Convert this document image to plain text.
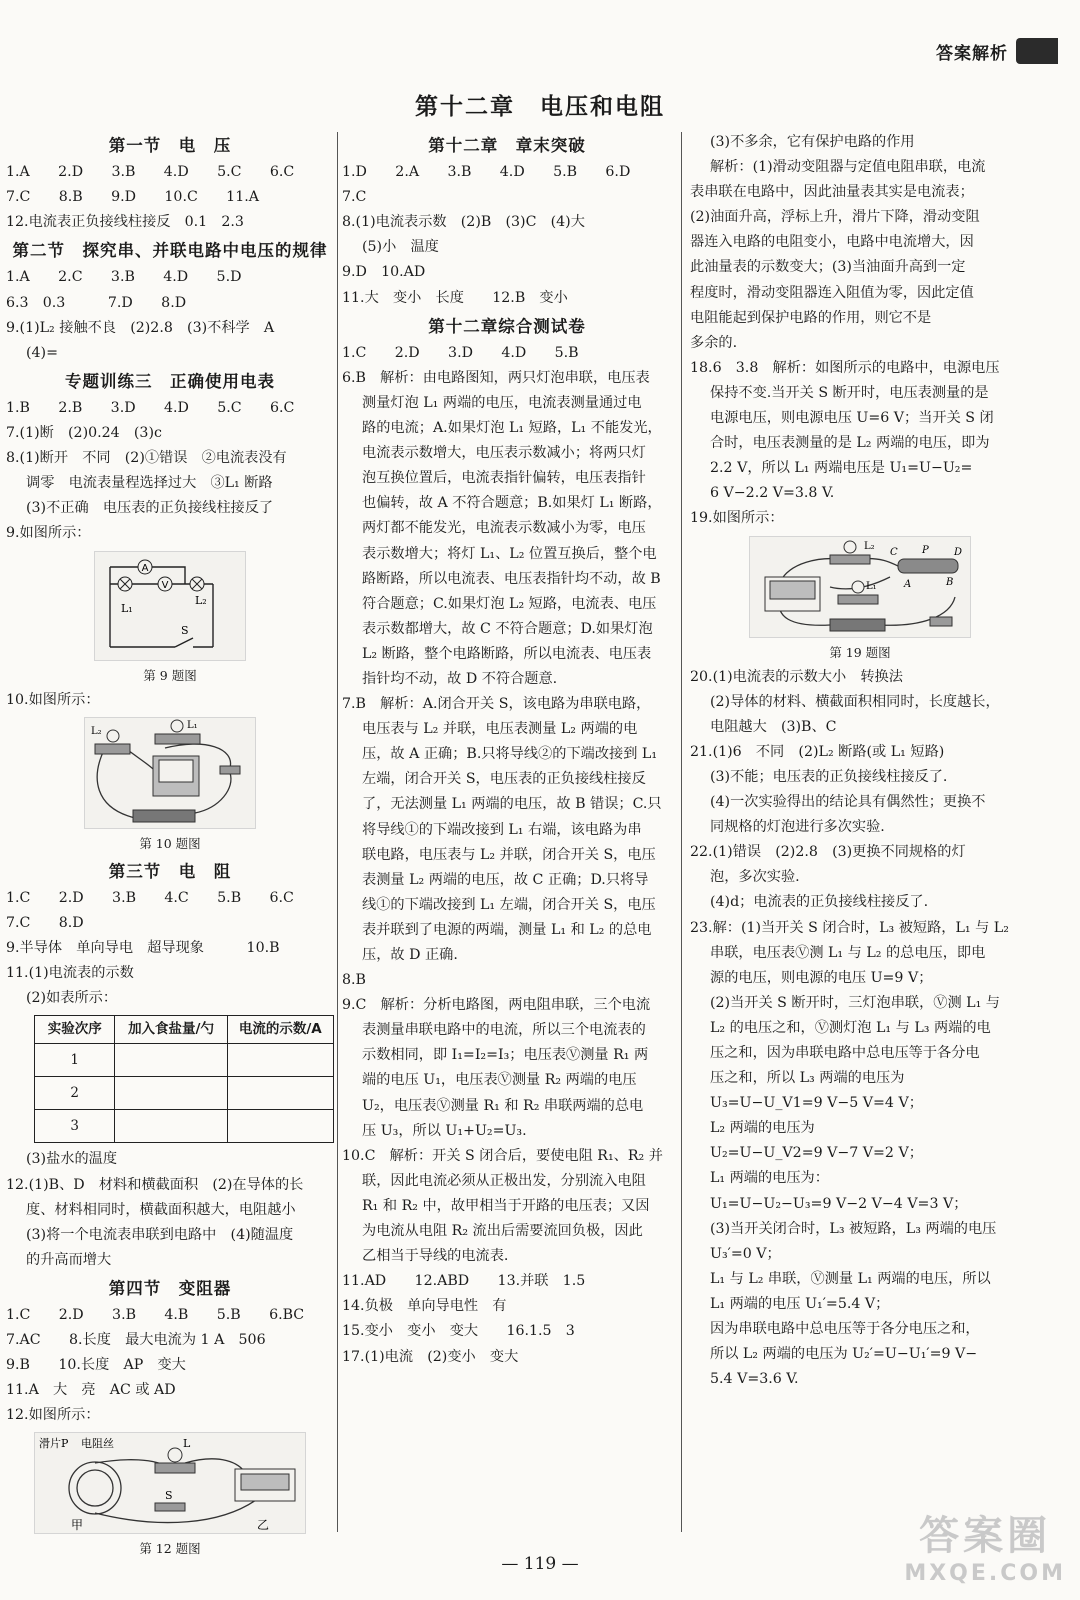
答案解析
第十二章　电压和电阻
第一节　电　压
1.A　　2.D　　3.B　　4.D　　5.C　　6.C
7.C　　8.B　　9.D　　10.C　　11.A
12.电流表正负接线柱接反　0.1　2.3
第二节　探究串、并联电路中电压的规律
1.A　　2.C　　3.B　　4.D　　5.D
6.3　0.3　　　7.D　　8.D
9.(1)L₂ 接触不良　(2)2.8　(3)不科学　A
(4)=
专题训练三　正确使用电表
1.B　　2.B　　3.D　　4.D　　5.C　　6.C
7.(1)断　(2)0.24　(3)c
8.(1)断开　不同　(2)①错误　②电流表没有
调零　电流表量程选择过大　③L₁ 断路
(3)不正确　电压表的正负接线柱接反了
9.如图所示：
A
V
L₁
L₂
S
第 9 题图
10.如图所示：
L₂
L₁
第 10 题图
第三节　电　阻
1.C　　2.D　　3.B　　4.C　　5.B　　6.C
7.C　　8.D
9.半导体　单向导电　超导现象　　　10.B
11.(1)电流表的示数
(2)如表所示：
实验次序	加入食盐量/勺	电流的示数/A
1		
2		
3		
(3)盐水的温度
12.(1)B、D　材料和横截面积　(2)在导体的长
度、材料相同时，横截面积越大，电阻越小
(3)将一个电流表串联到电路中　(4)随温度
的升高而增大
第四节　变阻器
1.C　　2.D　　3.B　　4.B　　5.B　　6.BC
7.AC　　8.长度　最大电流为 1 A　506
9.B　　10.长度　AP　变大
11.A　大　亮　AC 或 AD
12.如图所示：
滑片P 电阻丝	L
S
甲	乙
第 12 题图
第十二章　章末突破
1.D　　2.A　　3.B　　4.D　　5.B　　6.D
7.C
8.(1)电流表示数　(2)B　(3)C　(4)大
(5)小　温度
9.D　10.AD
11.大　变小　长度　　12.B　变小
第十二章综合测试卷
1.C　　2.D　　3.D　　4.D　　5.B
6.B　解析：由电路图知，两只灯泡串联，电压表
测量灯泡 L₁ 两端的电压，电流表测量通过电
路的电流；A.如果灯泡 L₁ 短路，L₁ 不能发光，
电流表示数增大，电压表示数减小；将两只灯
泡互换位置后，电流表指针偏转，电压表指针
也偏转，故 A 不符合题意；B.如果灯 L₁ 断路，
两灯都不能发光，电流表示数减小为零，电压
表示数增大；将灯 L₁、L₂ 位置互换后，整个电
路断路，所以电流表、电压表指针均不动，故 B
符合题意；C.如果灯泡 L₂ 短路，电流表、电压
表示数都增大，故 C 不符合题意；D.如果灯泡
L₂ 断路，整个电路断路，所以电流表、电压表
指针均不动，故 D 不符合题意.
7.B　解析：A.闭合开关 S，该电路为串联电路，
电压表与 L₂ 并联，电压表测量 L₂ 两端的电
压，故 A 正确；B.只将导线②的下端改接到 L₁
左端，闭合开关 S，电压表的正负接线柱接反
了，无法测量 L₁ 两端的电压，故 B 错误；C.只
将导线①的下端改接到 L₁ 右端，该电路为串
联电路，电压表与 L₂ 并联，闭合开关 S，电压
表测量 L₂ 两端的电压，故 C 正确；D.只将导
线①的下端改接到 L₁ 左端，闭合开关 S，电压
表并联到了电源的两端，测量 L₁ 和 L₂ 的总电
压，故 D 正确.
8.B
9.C　解析：分析电路图，两电阻串联，三个电流
表测量串联电路中的电流，所以三个电流表的
示数相同，即 I₁=I₂=I₃；电压表Ⓥ测量 R₁ 两
端的电压 U₁，电压表Ⓥ测量 R₂ 两端的电压
U₂，电压表Ⓥ测量 R₁ 和 R₂ 串联两端的总电
压 U₃，所以 U₁+U₂=U₃.
10.C　解析：开关 S 闭合后，要使电阻 R₁、R₂ 并
联，因此电流必须从正极出发，分别流入电阻
R₁ 和 R₂ 中，故甲相当于开路的电压表；又因
为电流从电阻 R₂ 流出后需要流回负极，因此
乙相当于导线的电流表.
11.AD　　12.ABD　　13.并联　1.5
14.负极　单向导电性　有
15.变小　变小　变大　　16.1.5　3
17.(1)电流　(2)变小　变大
(3)不多余，它有保护电路的作用
解析：(1)滑动变阻器与定值电阻串联，电流
表串联在电路中，因此油量表其实是电流表；
(2)油面升高，浮标上升，滑片下降，滑动变阻
器连入电路的电阻变小，电路中电流增大，因
此油量表的示数变大；(3)当油面升高到一定
程度时，滑动变阻器连入阻值为零，因此定值
电阻能起到保护电路的作用，则它不是
多余的.
18.6　3.8　解析：如图所示的电路中，电源电压
保持不变.当开关 S 断开时，电压表测量的是
电源电压，则电源电压 U=6 V；当开关 S 闭
合时，电压表测量的是 L₂ 两端的电压，即为
2.2 V，所以 L₁ 两端电压是 U₁=U−U₂=
6 V−2.2 V=3.8 V.
19.如图所示：
L₂
L₁
C P	D
A	B
第 19 题图
20.(1)电流表的示数大小　转换法
(2)导体的材料、横截面积相同时，长度越长，
电阻越大　(3)B、C
21.(1)6　不同　(2)L₂ 断路(或 L₁ 短路)
(3)不能；电压表的正负接线柱接反了.
(4)一次实验得出的结论具有偶然性；更换不
同规格的灯泡进行多次实验.
22.(1)错误　(2)2.8　(3)更换不同规格的灯
泡，多次实验.
(4)d；电流表的正负接线柱接反了.
23.解：(1)当开关 S 闭合时，L₃ 被短路，L₁ 与 L₂
串联，电压表Ⓥ测 L₁ 与 L₂ 的总电压，即电
源的电压，则电源的电压 U=9 V；
(2)当开关 S 断开时，三灯泡串联，Ⓥ测 L₁ 与
L₂ 的电压之和，Ⓥ测灯泡 L₁ 与 L₃ 两端的电
压之和，因为串联电路中总电压等于各分电
压之和，所以 L₃ 两端的电压为
U₃=U−U_V1=9 V−5 V=4 V；
L₂ 两端的电压为
U₂=U−U_V2=9 V−7 V=2 V；
L₁ 两端的电压为：
U₁=U−U₂−U₃=9 V−2 V−4 V=3 V；
(3)当开关闭合时，L₃ 被短路，L₃ 两端的电压
U₃′=0 V；
L₁ 与 L₂ 串联，Ⓥ测量 L₁ 两端的电压，所以
L₁ 两端的电压 U₁′=5.4 V；
因为串联电路中总电压等于各分电压之和，
所以 L₂ 两端的电压为 U₂′=U−U₁′=9 V−
5.4 V=3.6 V.
— 119 —
答案圈
MXQE.COM
